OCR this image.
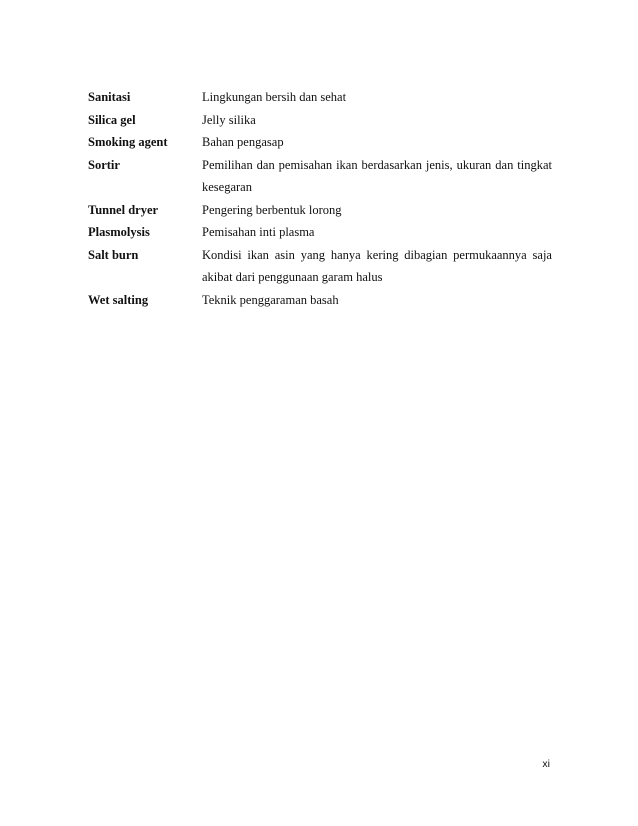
Sanitasi	Lingkungan bersih dan sehat
Silica gel	Jelly silika
Smoking agent	Bahan pengasap
Sortir	Pemilihan dan pemisahan ikan berdasarkan jenis, ukuran dan tingkat kesegaran
Tunnel dryer	Pengering berbentuk lorong
Plasmolysis	Pemisahan inti plasma
Salt burn	Kondisi ikan asin yang hanya kering dibagian permukaannya saja akibat dari penggunaan garam halus
Wet salting	Teknik penggaraman basah
xi
